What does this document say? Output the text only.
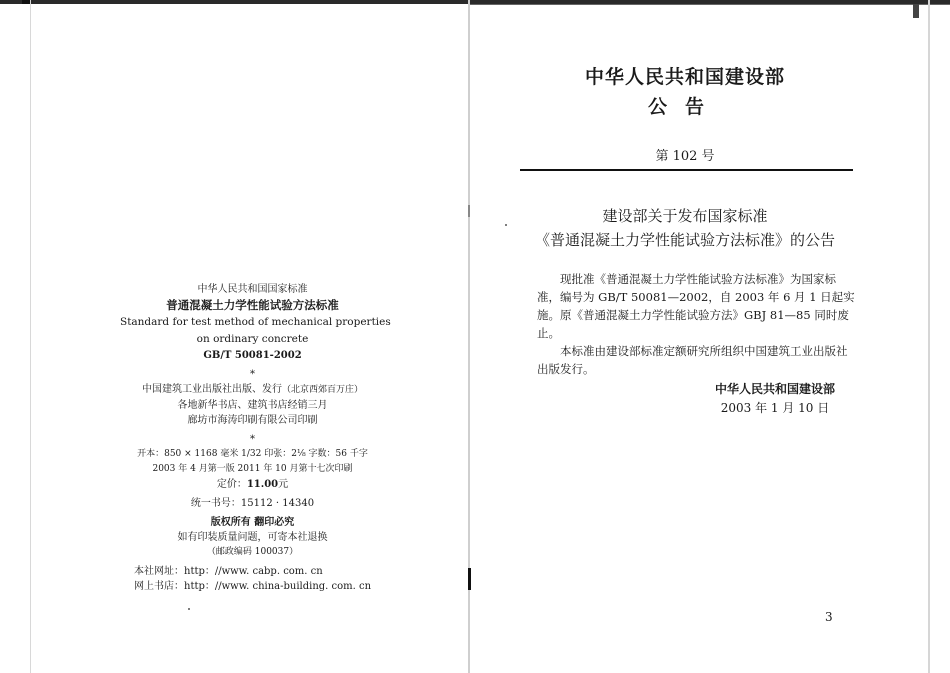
中华人民共和国国家标准
普通混凝土力学性能试验方法标准
Standard for test method of mechanical properties
on ordinary concrete
GB/T 50081-2002
*
中国建筑工业出版社出版、发行（北京西郊百万庄）
各地新华书店、建筑书店经销三月
廊坊市海涛印刷有限公司印刷
*
开本：850 × 1168 毫米 1/32 印张：2⅛ 字数：56 千字
2003 年 4 月第一版 2011 年 10 月第十七次印刷
定价：11.00元
统一书号：15112 · 14340
版权所有 翻印必究
如有印装质量问题，可寄本社退换
（邮政编码 100037）
本社网址：http：//www. cabp. com. cn
网上书店：http：//www. china-building. com. cn
中华人民共和国建设部
公告
第 102 号
建设部关于发布国家标准
《普通混凝土力学性能试验方法标准》的公告

现批准《普通混凝土力学性能试验方法标准》为国家标准，编号为 GB/T 50081—2002，自 2003 年 6 月 1 日起实施。原《普通混凝土力学性能试验方法》GBJ 81—85 同时废止。

本标准由建设部标准定额研究所组织中国建筑工业出版社出版发行。

中华人民共和国建设部
2003 年 1 月 10 日
3
